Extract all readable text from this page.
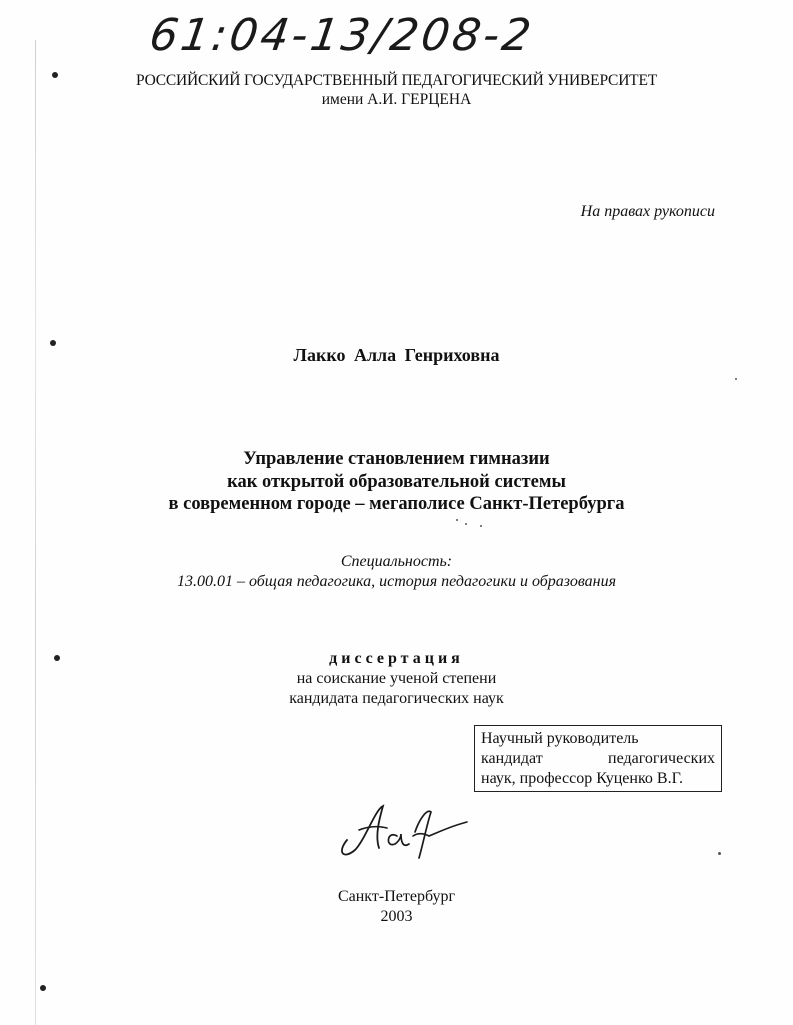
61:04-13/208-2
РОССИЙСКИЙ ГОСУДАРСТВЕННЫЙ ПЕДАГОГИЧЕСКИЙ УНИВЕРСИТЕТ
имени А.И. ГЕРЦЕНА
На правах рукописи
Лакко Алла Генриховна
Управление становлением гимназии
как открытой образовательной системы
в современном городе – мегаполисе Санкт-Петербурга
Специальность:
13.00.01 – общая педагогика, история педагогики и образования
диссертация
на соискание ученой степени
кандидата педагогических наук
Научный руководитель
кандидат	педагогических
наук, профессор Куценко В.Г.
Санкт-Петербург
2003
